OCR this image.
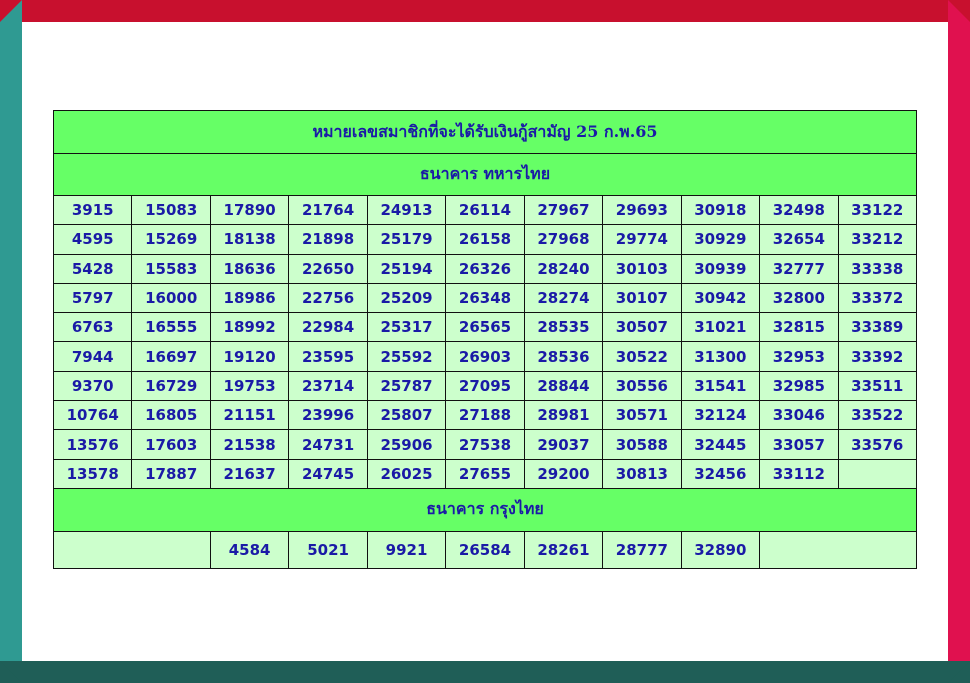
หมายเลขสมาชิกที่จะได้รับเงินกู้สามัญ 25 ก.พ.65										
ธนาคาร ทหารไทย										
3915	15083	17890	21764	24913	26114	27967	29693	30918	32498	33122
4595	15269	18138	21898	25179	26158	27968	29774	30929	32654	33212
5428	15583	18636	22650	25194	26326	28240	30103	30939	32777	33338
5797	16000	18986	22756	25209	26348	28274	30107	30942	32800	33372
6763	16555	18992	22984	25317	26565	28535	30507	31021	32815	33389
7944	16697	19120	23595	25592	26903	28536	30522	31300	32953	33392
9370	16729	19753	23714	25787	27095	28844	30556	31541	32985	33511
10764	16805	21151	23996	25807	27188	28981	30571	32124	33046	33522
13576	17603	21538	24731	25906	27538	29037	30588	32445	33057	33576
13578	17887	21637	24745	26025	27655	29200	30813	32456	33112	
ธนาคาร กรุงไทย										
		4584	5021	9921	26584	28261	28777	32890		
